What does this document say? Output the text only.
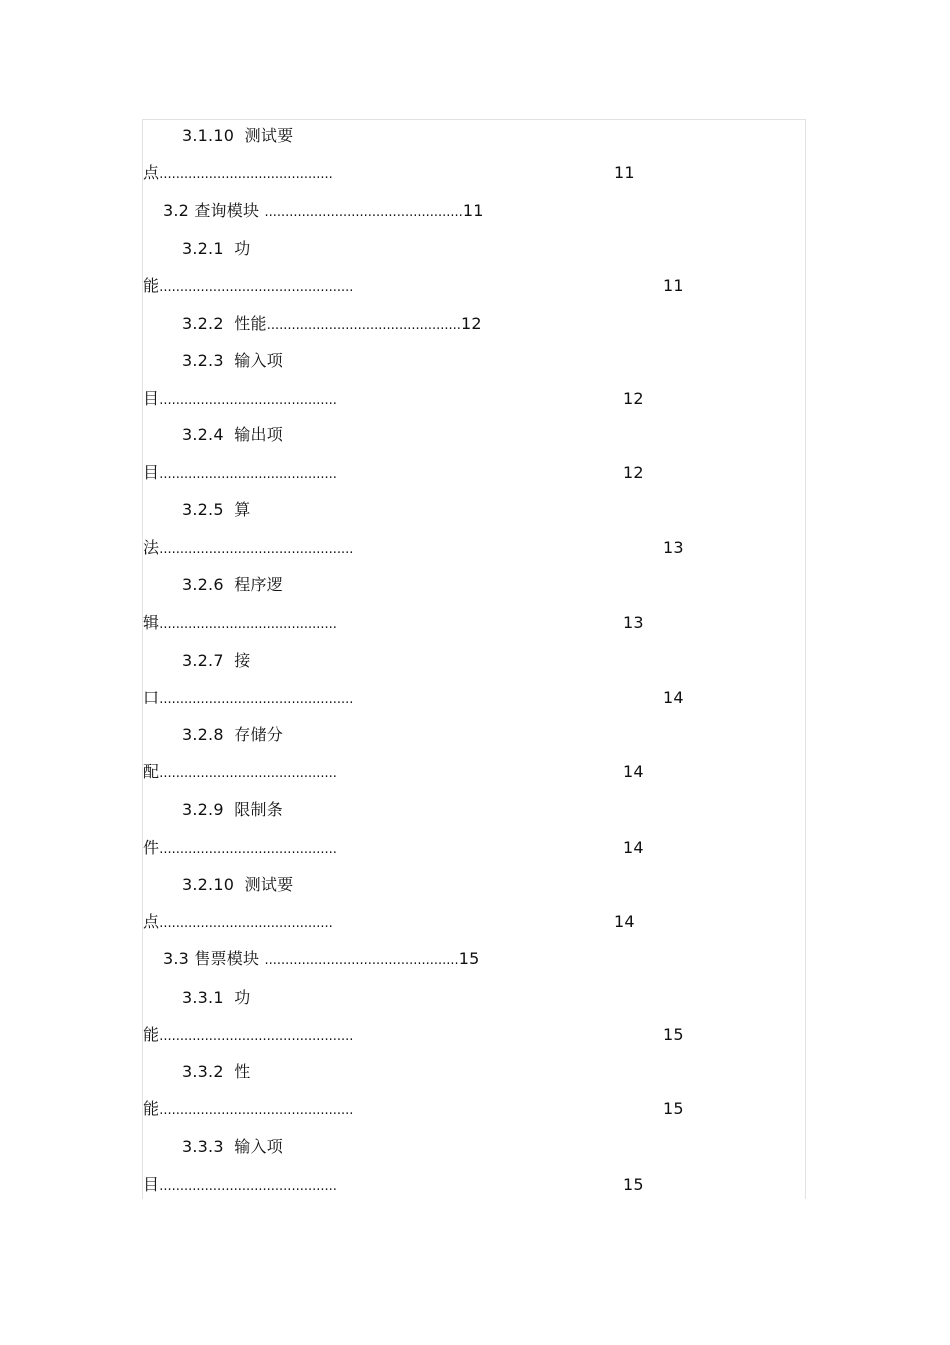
3.1.10 测试要
点..........................................	11
3.2 查询模块 ................................................11
3.2.1 功
能...............................................	11
3.2.2 性能...............................................12
3.2.3 输入项
目...........................................	12
3.2.4 输出项
目...........................................	12
3.2.5 算
法...............................................	13
3.2.6 程序逻
辑...........................................	13
3.2.7 接
口...............................................	14
3.2.8 存储分
配...........................................	14
3.2.9 限制条
件...........................................	14
3.2.10 测试要
点..........................................	14
3.3 售票模块 ...............................................15
3.3.1 功
能...............................................	15
3.3.2 性
能...............................................	15
3.3.3 输入项
目...........................................	15
